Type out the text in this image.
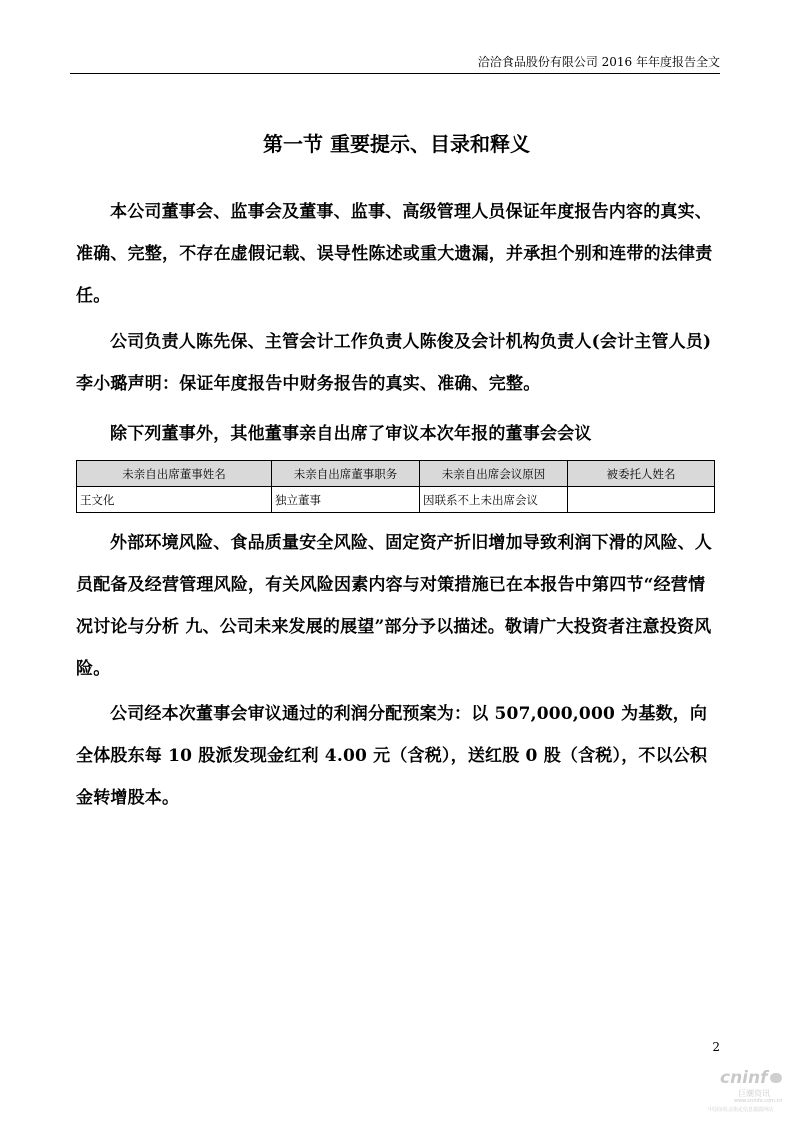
洽洽食品股份有限公司 2016 年年度报告全文
第一节 重要提示、目录和释义

本公司董事会、监事会及董事、监事、高级管理人员保证年度报告内容的真实、准确、完整，不存在虚假记载、误导性陈述或重大遗漏，并承担个别和连带的法律责任。

公司负责人陈先保、主管会计工作负责人陈俊及会计机构负责人(会计主管人员)李小璐声明：保证年度报告中财务报告的真实、准确、完整。

除下列董事外，其他董事亲自出席了审议本次年报的董事会会议

未亲自出席董事姓名	未亲自出席董事职务	未亲自出席会议原因	被委托人姓名
王文化	独立董事	因联系不上未出席会议	

外部环境风险、食品质量安全风险、固定资产折旧增加导致利润下滑的风险、人员配备及经营管理风险，有关风险因素内容与对策措施已在本报告中第四节“经营情况讨论与分析 九、公司未来发展的展望”部分予以描述。敬请广大投资者注意投资风险。

公司经本次董事会审议通过的利润分配预案为：以 507,000,000 为基数，向全体股东每 10 股派发现金红利 4.00 元（含税），送红股 0 股（含税），不以公积金转增股本。

2
cninf
巨潮资讯
www.cninfo.com.cn
中国证监会指定信息披露网站
